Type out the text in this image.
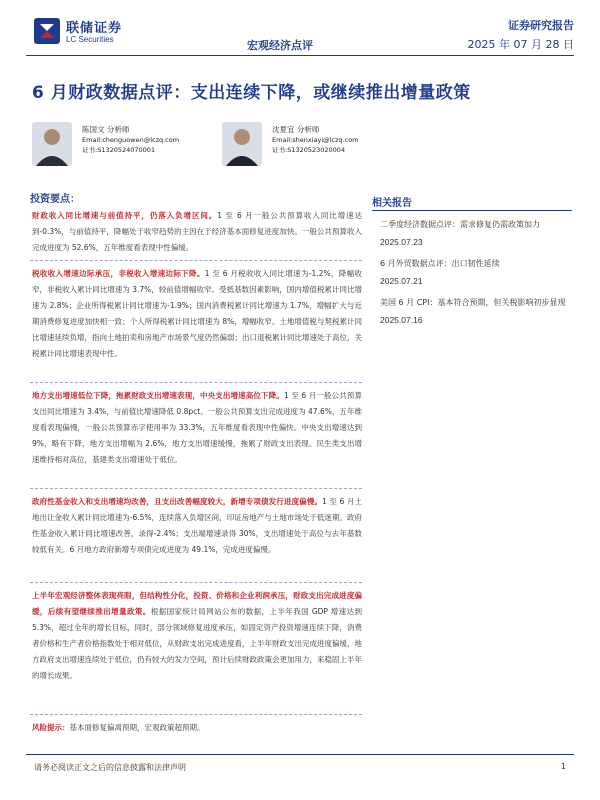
联储证券
LC Securities	宏观经济点评
证券研究报告
2025 年 07 月 28 日
6 月财政数据点评：支出连续下降，或继续推出增量政策
陈国文 分析师
Email:chenguowen@lczq.com
证书:S1320524070001
沈夏宜 分析师
Email:shenxiayi@lczq.com
证书:S1320523020004
投资要点：
财政收入同比增速与前值持平，仍落入负增区间。1 至 6 月一般公共预算收入同比增速达到-0.3%，与前值持平，降幅处于收窄趋势的主因在于经济基本面修复进度加快。一般公共预算收入完成进度为 52.6%，五年维度看表现中性偏缓。
税收收入增速边际承压，非税收入增速边际下降。1 至 6 月税收收入同比增速为-1.2%，降幅收窄，非税收入累计同比增速为 3.7%，较前值增幅收窄。受抵基数因素影响，国内增值税累计同比增速为 2.8%；企业所得税累计同比增速为-1.9%；国内消费税累计同比增速为 1.7%，增幅扩大与近期消费修复进度加快相一致；个人所得税累计同比增速为 8%，增幅收窄。土地增值税与契税累计同比增速延续负增，指向土地拍卖和房地产市场景气度仍然偏弱；出口退税累计同比增速处于高位，关税累计同比增速表现中性。
地方支出增速低位下降，拖累财政支出增速表现，中央支出增速高位下降。1 至 6 月一般公共预算支出同比增速为 3.4%，与前值比增速降低 0.8pct。一般公共预算支出完成进度为 47.6%，五年维度看表现偏慢，一般公共预算赤字使用率为 33.3%，五年维度看表现中性偏快。中央支出增速达到 9%，略有下降，地方支出增幅为 2.6%，地方支出增速缓慢，拖累了财政支出表现。民生类支出增速维持相对高位，基建类支出增速处于低位。
政府性基金收入和支出增速均改善，且支出改善幅度较大，新增专项债发行进度偏慢。1 至 6 月土地出让金收入累计同比增速为-6.5%，连续落入负增区间，印证房地产与土地市场处于低迷期。政府性基金收入累计同比增速改善，录得-2.4%；支出端增速录得 30%，支出增速处于高位与去年基数较低有关。6 月地方政府新增专项债完成进度为 49.1%，完成进度偏慢。
上半年宏观经济整体表现亮眼，但结构性分化，投资、价格和企业利润承压，财政支出完成进度偏缓，后续有望继续推出增量政策。根据国家统计局网站公布的数据，上半年我国 GDP 增速达到 5.3%，超过全年的增长目标，同时，部分领域修复进度承压，如固定资产投资增速连续下降，消费者价格和生产者价格指数处于相对低位，从财政支出完成进度看，上半年财政支出完成进度偏缓，地方政府支出增速连续处于低位，仍有较大的发力空间，预计后续财政政策会更加用力，来稳固上半年的增长成果。
风险提示：基本面修复偏离预期，宏观政策超预期。
相关报告
二季度经济数据点评：需求修复仍需政策加力
2025.07.23
6 月外贸数据点评：出口韧性延续
2025.07.21
美国 6 月 CPI：基本符合预期，但关税影响初步显现
2025.07.16
请务必阅读正文之后的信息披露和法律声明	1
